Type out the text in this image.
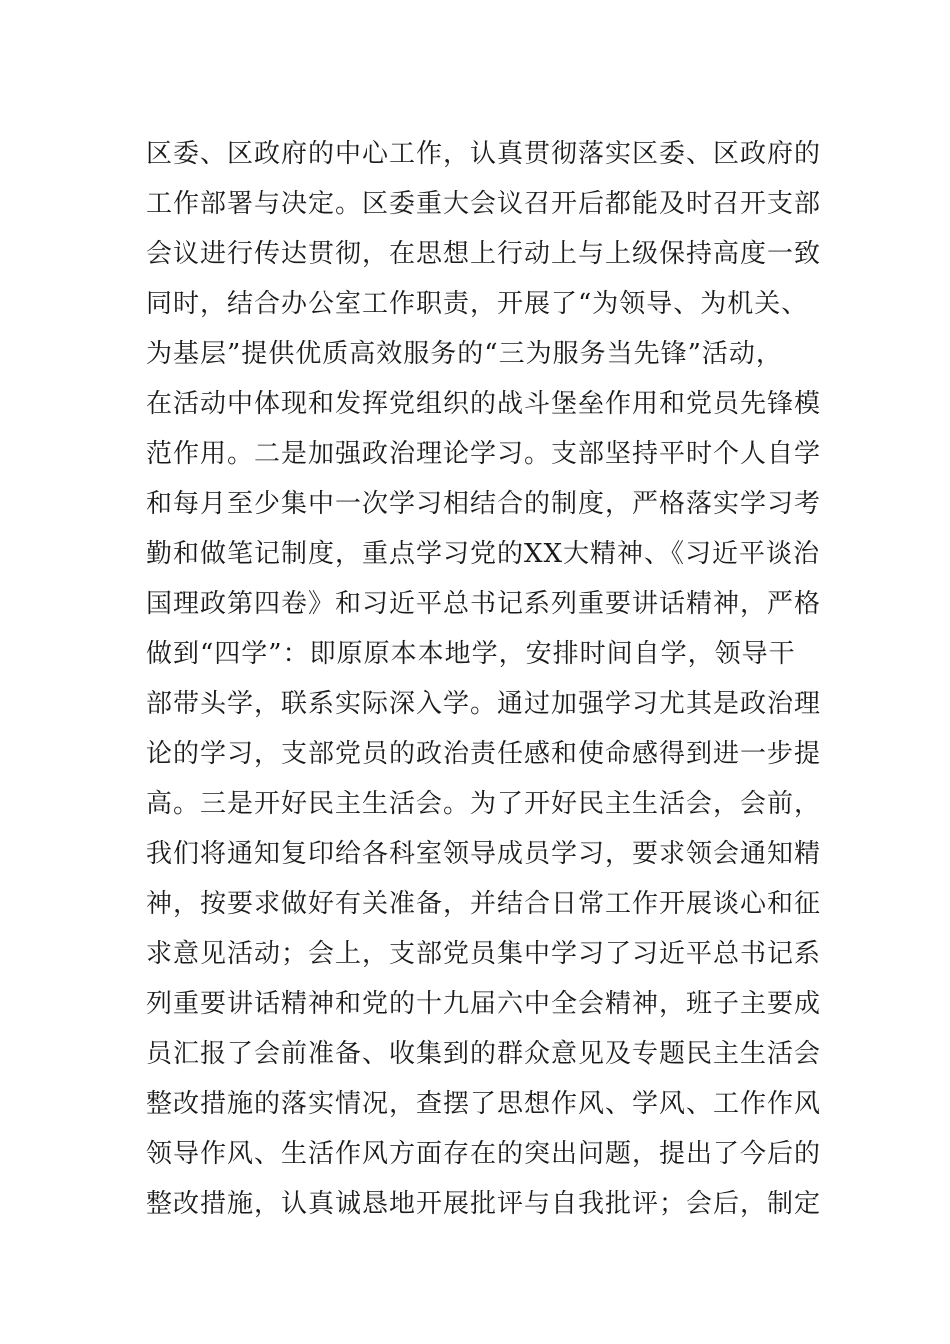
区委、区政府的中心工作，认真贯彻落实区委、区政府的
工作部署与决定。区委重大会议召开后都能及时召开支部
会议进行传达贯彻，在思想上行动上与上级保持高度一致
同时，结合办公室工作职责，开展了“为领导、为机关、
为基层”提供优质高效服务的“三为服务当先锋”活动，
在活动中体现和发挥党组织的战斗堡垒作用和党员先锋模
范作用。二是加强政治理论学习。支部坚持平时个人自学
和每月至少集中一次学习相结合的制度，严格落实学习考
勤和做笔记制度，重点学习党的XX大精神、《习近平谈治
国理政第四卷》和习近平总书记系列重要讲话精神，严格
做到“四学”：即原原本本地学，安排时间自学，领导干
部带头学，联系实际深入学。通过加强学习尤其是政治理
论的学习，支部党员的政治责任感和使命感得到进一步提
高。三是开好民主生活会。为了开好民主生活会，会前，
我们将通知复印给各科室领导成员学习，要求领会通知精
神，按要求做好有关准备，并结合日常工作开展谈心和征
求意见活动；会上，支部党员集中学习了习近平总书记系
列重要讲话精神和党的十九届六中全会精神，班子主要成
员汇报了会前准备、收集到的群众意见及专题民主生活会
整改措施的落实情况，查摆了思想作风、学风、工作作风
领导作风、生活作风方面存在的突出问题，提出了今后的
整改措施，认真诚恳地开展批评与自我批评；会后，制定
